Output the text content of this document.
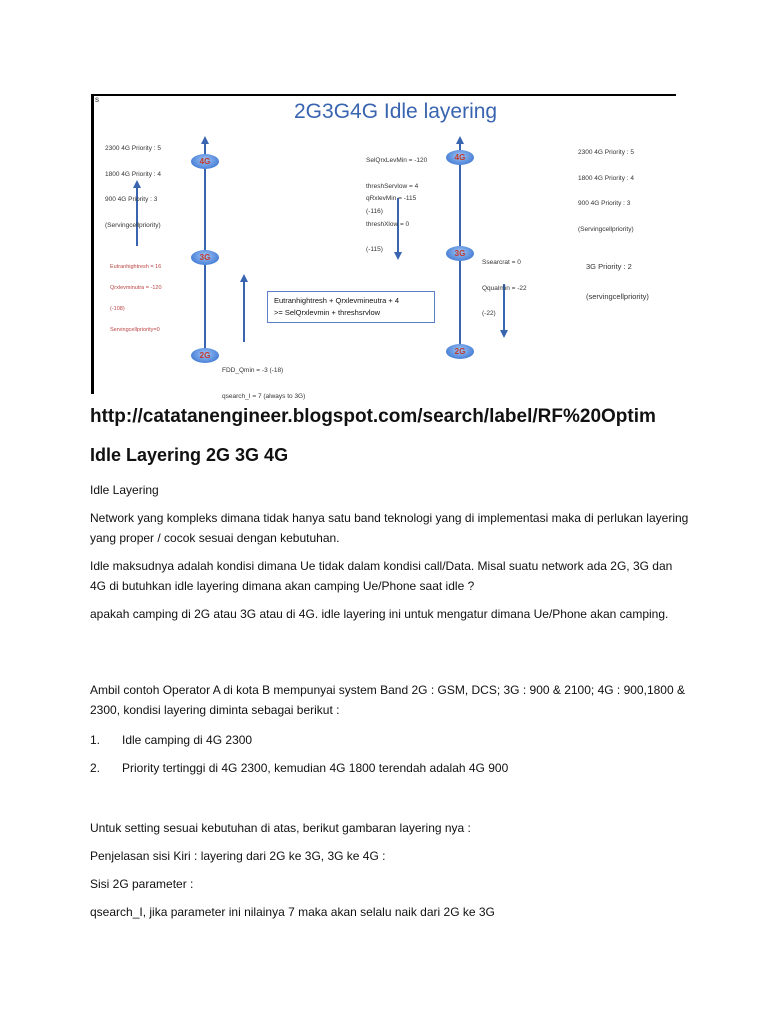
s
2G3G4G Idle layering
4G
3G
2G
4G
3G
2G

2300 4G Priority : 5

1800 4G Priority : 4

900 4G Priority : 3

(Servingcellpriority)

2300 4G Priority : 5

1800 4G Priority : 4

900 4G Priority : 3

(Servingcellpriority)

Eutranhightresh = 16

Qrxlevminutra = -120

(-108)

Servingcellpriority=0

FDD_Qmin = -3 (-18)

qsearch_I = 7 (always to 3G)

SelQrxLevMin = -120

threshServlow = 4

(-116)

qRxlevMin = -115

threshXlow = 0

(-115)

Ssearcrat = 0

Qqualmin = -22

(-22)

3G Priority : 2

(servingcellpriority)

Eutranhightresh + Qrxlevmineutra + 4
>= SelQrxlevmin + threshsrvlow
http://catatanengineer.blogspot.com/search/label/RF%20Optim
Idle Layering 2G 3G 4G
Idle Layering
Network yang kompleks dimana tidak hanya satu band teknologi yang di implementasi maka di perlukan layering yang proper / cocok sesuai dengan kebutuhan.
Idle maksudnya adalah kondisi dimana Ue tidak dalam kondisi call/Data. Misal suatu network ada 2G, 3G dan 4G di butuhkan idle layering dimana akan camping Ue/Phone saat idle ?
apakah camping di 2G atau 3G atau di 4G. idle layering ini untuk mengatur dimana Ue/Phone akan camping.
Ambil contoh Operator A di kota B mempunyai system Band 2G : GSM, DCS; 3G : 900 & 2100; 4G : 900,1800 & 2300, kondisi layering diminta sebagai berikut :
1. Idle camping di 4G 2300
2. Priority tertinggi di 4G 2300, kemudian 4G 1800 terendah adalah 4G 900
Untuk setting sesuai kebutuhan di atas, berikut gambaran layering nya :
Penjelasan sisi Kiri : layering dari 2G ke 3G, 3G ke 4G :
Sisi 2G parameter :
qsearch_I, jika parameter ini nilainya 7 maka akan selalu naik dari 2G ke 3G
